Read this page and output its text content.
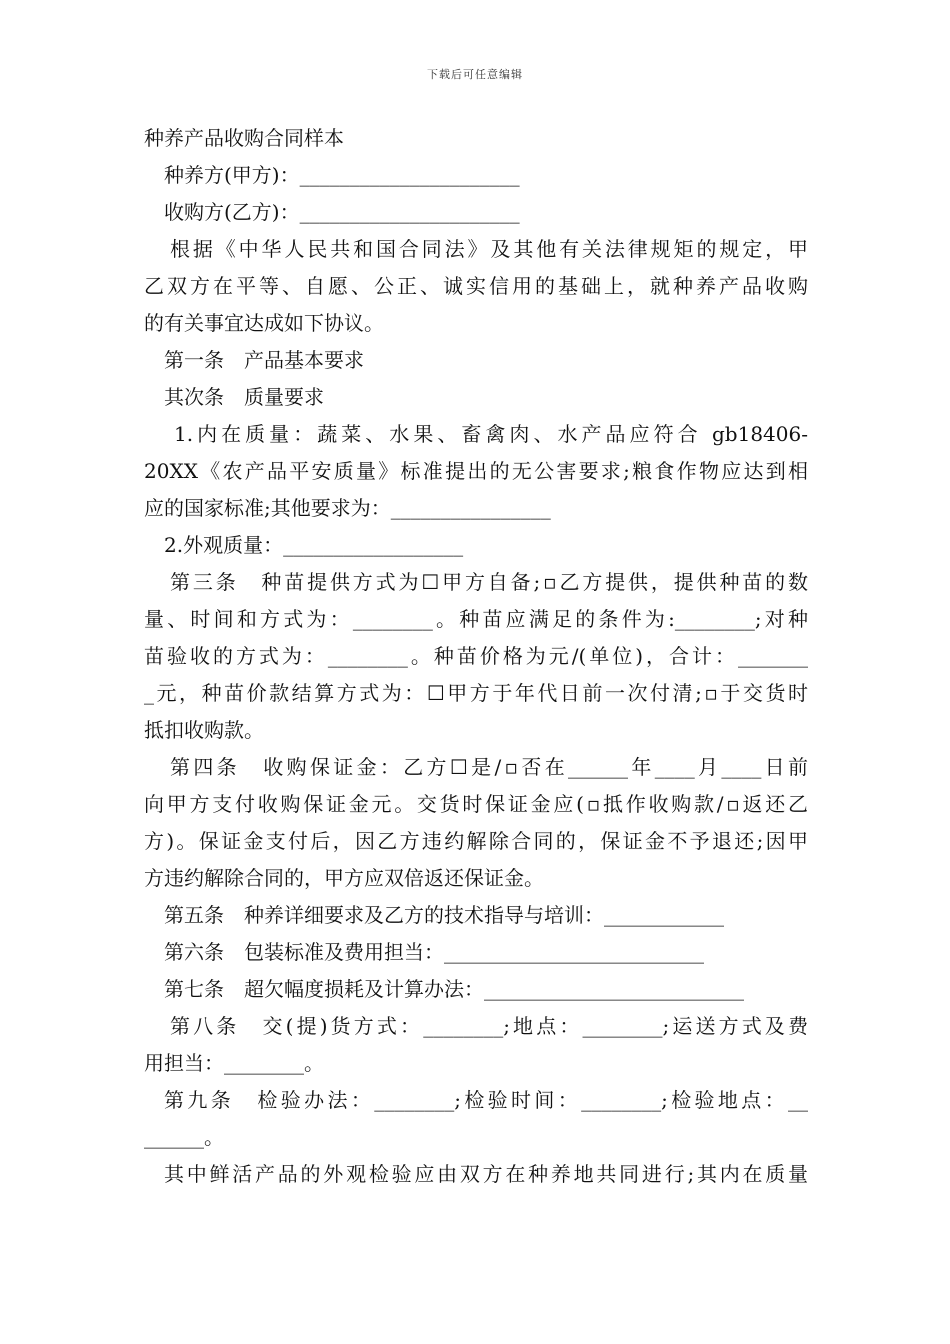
下载后可任意编辑
种养产品收购合同样本
种养方(甲方)：______________________
收购方(乙方)：______________________
根据《中华人民共和国合同法》及其他有关法律规矩的规定，甲
乙双方在平等、自愿、公正、诚实信用的基础上，就种养产品收购
的有关事宜达成如下协议。
第一条　产品基本要求
其次条　质量要求
1.内在质量：蔬菜、水果、畜禽肉、水产品应符合 gb18406-
20XX《农产品平安质量》标准提出的无公害要求;粮食作物应达到相
应的国家标准;其他要求为：________________
2.外观质量：__________________
第三条　种苗提供方式为☐甲方自备;▫乙方提供，提供种苗的数
量、时间和方式为：________。种苗应满足的条件为:________;对种
苗验收的方式为：________。种苗价格为元/(单位)，合计：_______
_元，种苗价款结算方式为：☐甲方于年代日前一次付清;▫于交货时
抵扣收购款。
第四条　收购保证金：乙方☐是/▫否在______年____月____日前
向甲方支付收购保证金元。交货时保证金应(▫抵作收购款/▫返还乙
方)。保证金支付后，因乙方违约解除合同的，保证金不予退还;因甲
方违约解除合同的，甲方应双倍返还保证金。
第五条　种养详细要求及乙方的技术指导与培训：____________
第六条　包装标准及费用担当：__________________________
第七条　超欠幅度损耗及计算办法：__________________________
第八条　交(提)货方式：________;地点：________;运送方式及费
用担当：________。
第九条　检验办法：________;检验时间：________;检验地点：__
______。
其中鲜活产品的外观检验应由双方在种养地共同进行;其内在质量
